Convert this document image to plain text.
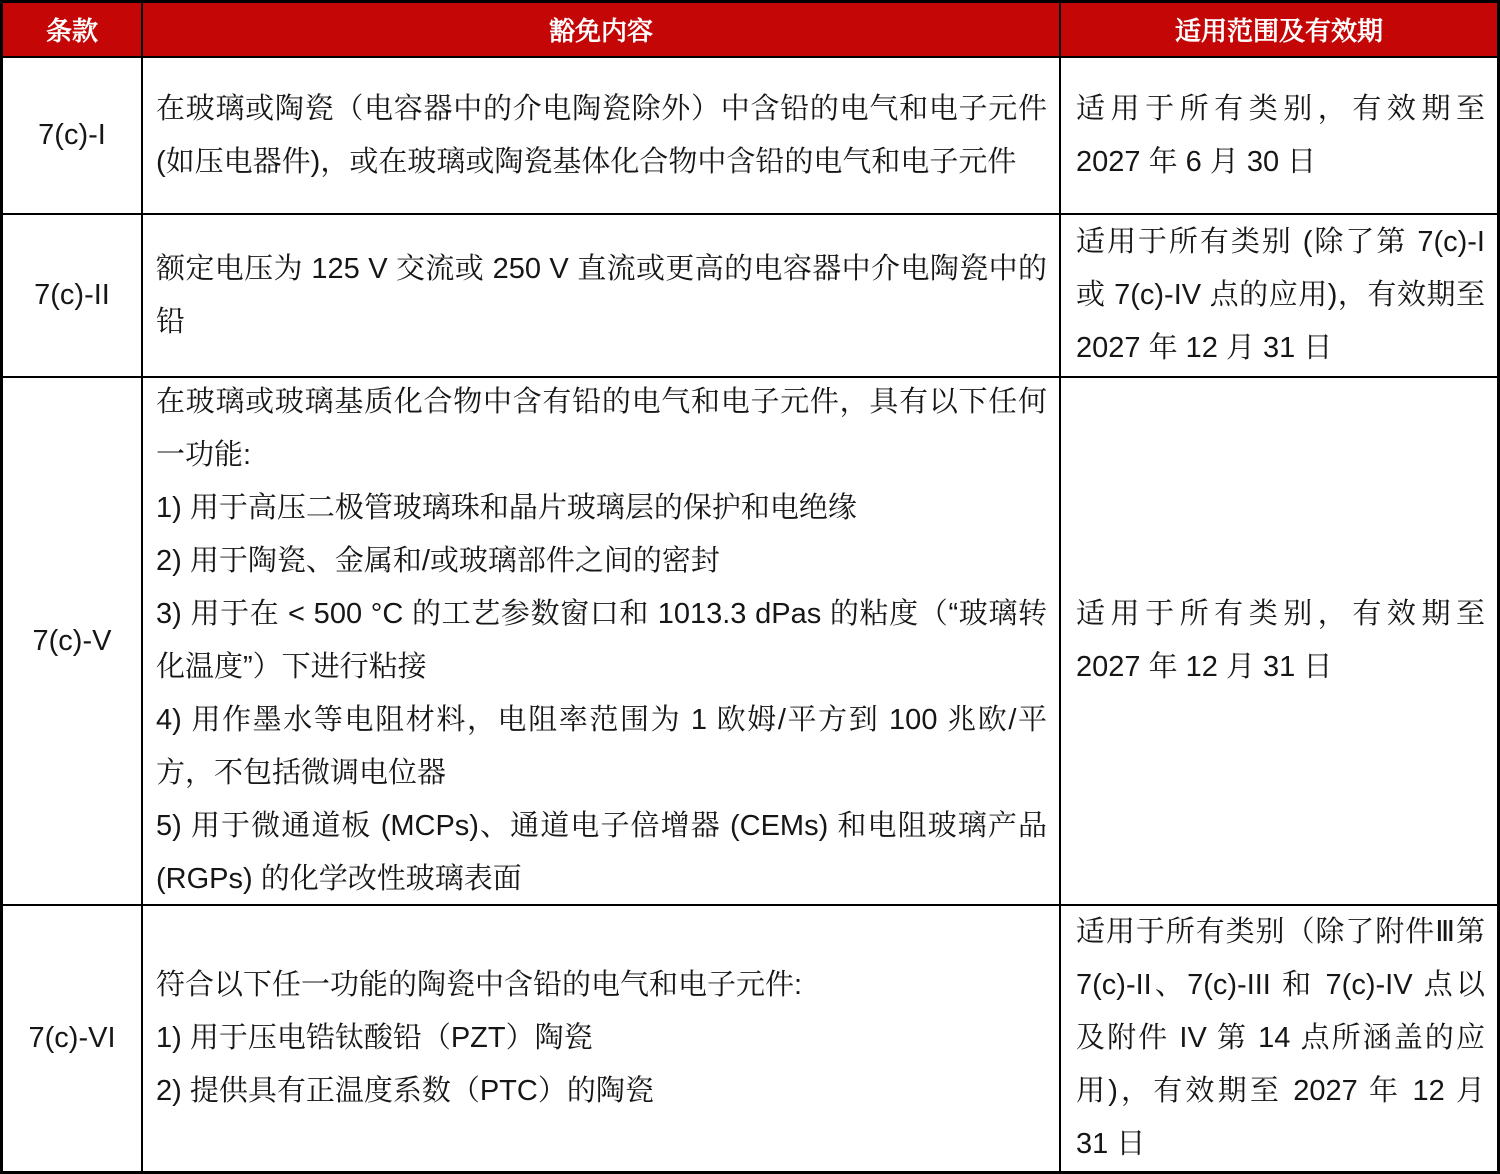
条款	豁免内容	适用范围及有效期
7(c)-I

在玻璃或陶瓷（电容器中的介电陶瓷除外）中含铅的电气和电子元件 (如压电器件)，或在玻璃或陶瓷基体化合物中含铅的电气和电子元件

适用于所有类别，有效期至 2027 年 6 月 30 日

7(c)-II

额定电压为 125 V 交流或 250 V 直流或更高的电容器中介电陶瓷中的铅

适用于所有类别 (除了第 7(c)-I 或 7(c)-IV 点的应用)，有效期至 2027 年 12 月 31 日

7(c)-V

在玻璃或玻璃基质化合物中含有铅的电气和电子元件，具有以下任何一功能:

1) 用于高压二极管玻璃珠和晶片玻璃层的保护和电绝缘

2) 用于陶瓷、金属和/或玻璃部件之间的密封

3) 用于在 < 500 °C 的工艺参数窗口和 1013.3 dPas 的粘度（“玻璃转化温度”）下进行粘接

4) 用作墨水等电阻材料，电阻率范围为 1 欧姆/平方到 100 兆欧/平方，不包括微调电位器

5) 用于微通道板 (MCPs)、通道电子倍增器 (CEMs) 和电阻玻璃产品 (RGPs) 的化学改性玻璃表面

适用于所有类别，有效期至 2027 年 12 月 31 日

7(c)-VI

符合以下任一功能的陶瓷中含铅的电气和电子元件:

1) 用于压电锆钛酸铅（PZT）陶瓷

2) 提供具有正温度系数（PTC）的陶瓷

适用于所有类别（除了附件Ⅲ第 7(c)-II、7(c)-III 和 7(c)-IV 点以及附件 IV 第 14 点所涵盖的应用)，有效期至 2027 年 12 月 31 日
